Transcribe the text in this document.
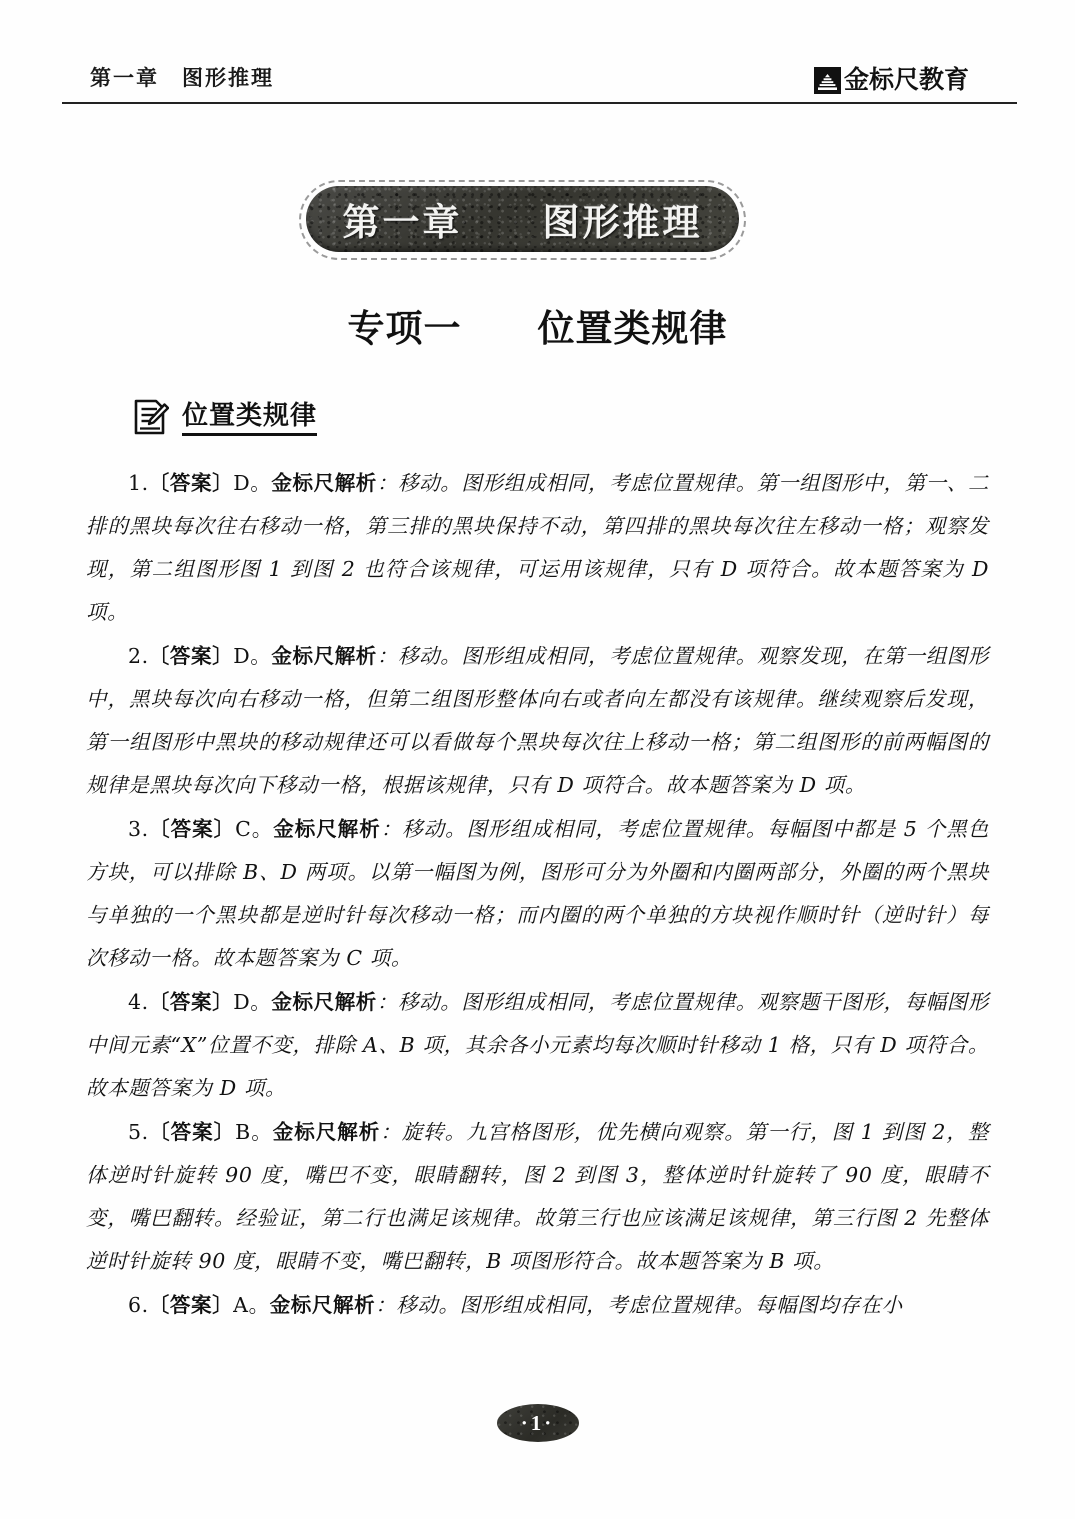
第一章　图形推理	金标尺教育
第一章　　图形推理
专项一　　位置类规律
位置类规律

1.〔答案〕D。金标尺解析：移动。图形组成相同，考虑位置规律。第一组图形中，第一、二排的黑块每次往右移动一格，第三排的黑块保持不动，第四排的黑块每次往左移动一格；观察发现，第二组图形图 1 到图 2 也符合该规律，可运用该规律，只有 D 项符合。故本题答案为 D 项。

2.〔答案〕D。金标尺解析：移动。图形组成相同，考虑位置规律。观察发现，在第一组图形中，黑块每次向右移动一格，但第二组图形整体向右或者向左都没有该规律。继续观察后发现，第一组图形中黑块的移动规律还可以看做每个黑块每次往上移动一格；第二组图形的前两幅图的规律是黑块每次向下移动一格，根据该规律，只有 D 项符合。故本题答案为 D 项。

3.〔答案〕C。金标尺解析：移动。图形组成相同，考虑位置规律。每幅图中都是 5 个黑色方块，可以排除 B、D 两项。以第一幅图为例，图形可分为外圈和内圈两部分，外圈的两个黑块与单独的一个黑块都是逆时针每次移动一格；而内圈的两个单独的方块视作顺时针（逆时针）每次移动一格。故本题答案为 C 项。

4.〔答案〕D。金标尺解析：移动。图形组成相同，考虑位置规律。观察题干图形，每幅图形中间元素“X”位置不变，排除 A、B 项，其余各小元素均每次顺时针移动 1 格，只有 D 项符合。故本题答案为 D 项。

5.〔答案〕B。金标尺解析：旋转。九宫格图形，优先横向观察。第一行，图 1 到图 2，整体逆时针旋转 90 度，嘴巴不变，眼睛翻转，图 2 到图 3，整体逆时针旋转了 90 度，眼睛不变，嘴巴翻转。经验证，第二行也满足该规律。故第三行也应该满足该规律，第三行图 2 先整体逆时针旋转 90 度，眼睛不变，嘴巴翻转，B 项图形符合。故本题答案为 B 项。

6.〔答案〕A。金标尺解析：移动。图形组成相同，考虑位置规律。每幅图均存在小

·1·
